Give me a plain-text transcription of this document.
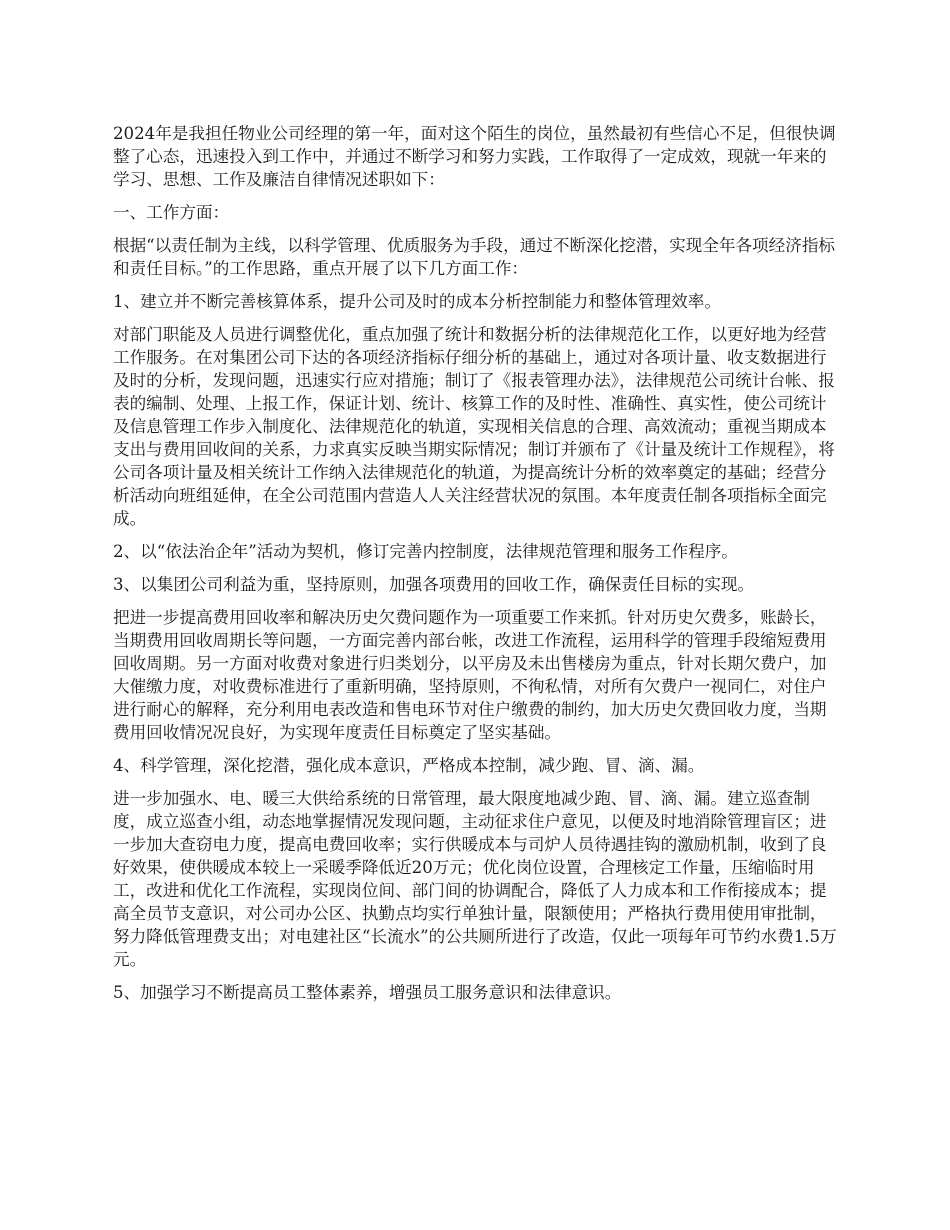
2024年是我担任物业公司经理的第一年，面对这个陌生的岗位，虽然最初有些信心不足，但很快调整了心态，迅速投入到工作中，并通过不断学习和努力实践，工作取得了一定成效，现就一年来的学习、思想、工作及廉洁自律情况述职如下：

一、工作方面：

根据“以责任制为主线，以科学管理、优质服务为手段，通过不断深化挖潜，实现全年各项经济指标和责任目标。”的工作思路，重点开展了以下几方面工作：

1、建立并不断完善核算体系，提升公司及时的成本分析控制能力和整体管理效率。

对部门职能及人员进行调整优化，重点加强了统计和数据分析的法律规范化工作，以更好地为经营工作服务。在对集团公司下达的各项经济指标仔细分析的基础上，通过对各项计量、收支数据进行及时的分析，发现问题，迅速实行应对措施；制订了《报表管理办法》，法律规范公司统计台帐、报表的编制、处理、上报工作，保证计划、统计、核算工作的及时性、准确性、真实性，使公司统计及信息管理工作步入制度化、法律规范化的轨道，实现相关信息的合理、高效流动；重视当期成本支出与费用回收间的关系，力求真实反映当期实际情况；制订并颁布了《计量及统计工作规程》，将公司各项计量及相关统计工作纳入法律规范化的轨道，为提高统计分析的效率奠定的基础；经营分析活动向班组延伸，在全公司范围内营造人人关注经营状况的氛围。本年度责任制各项指标全面完成。

2、以“依法治企年”活动为契机，修订完善内控制度，法律规范管理和服务工作程序。

3、以集团公司利益为重，坚持原则，加强各项费用的回收工作，确保责任目标的实现。

把进一步提高费用回收率和解决历史欠费问题作为一项重要工作来抓。针对历史欠费多，账龄长，当期费用回收周期长等问题，一方面完善内部台帐，改进工作流程，运用科学的管理手段缩短费用回收周期。另一方面对收费对象进行归类划分，以平房及未出售楼房为重点，针对长期欠费户，加大催缴力度，对收费标准进行了重新明确，坚持原则，不徇私情，对所有欠费户一视同仁，对住户进行耐心的解释，充分利用电表改造和售电环节对住户缴费的制约，加大历史欠费回收力度，当期费用回收情况况良好，为实现年度责任目标奠定了坚实基础。

4、科学管理，深化挖潜，强化成本意识，严格成本控制，减少跑、冒、滴、漏。

进一步加强水、电、暖三大供给系统的日常管理，最大限度地减少跑、冒、滴、漏。建立巡查制度，成立巡查小组，动态地掌握情况发现问题，主动征求住户意见，以便及时地消除管理盲区；进一步加大查窃电力度，提高电费回收率；实行供暖成本与司炉人员待遇挂钩的激励机制，收到了良好效果，使供暖成本较上一采暖季降低近20万元；优化岗位设置，合理核定工作量，压缩临时用工，改进和优化工作流程，实现岗位间、部门间的协调配合，降低了人力成本和工作衔接成本；提高全员节支意识，对公司办公区、执勤点均实行单独计量，限额使用；严格执行费用使用审批制，努力降低管理费支出；对电建社区“长流水”的公共厕所进行了改造，仅此一项每年可节约水费1.5万元。

5、加强学习不断提高员工整体素养，增强员工服务意识和法律意识。
